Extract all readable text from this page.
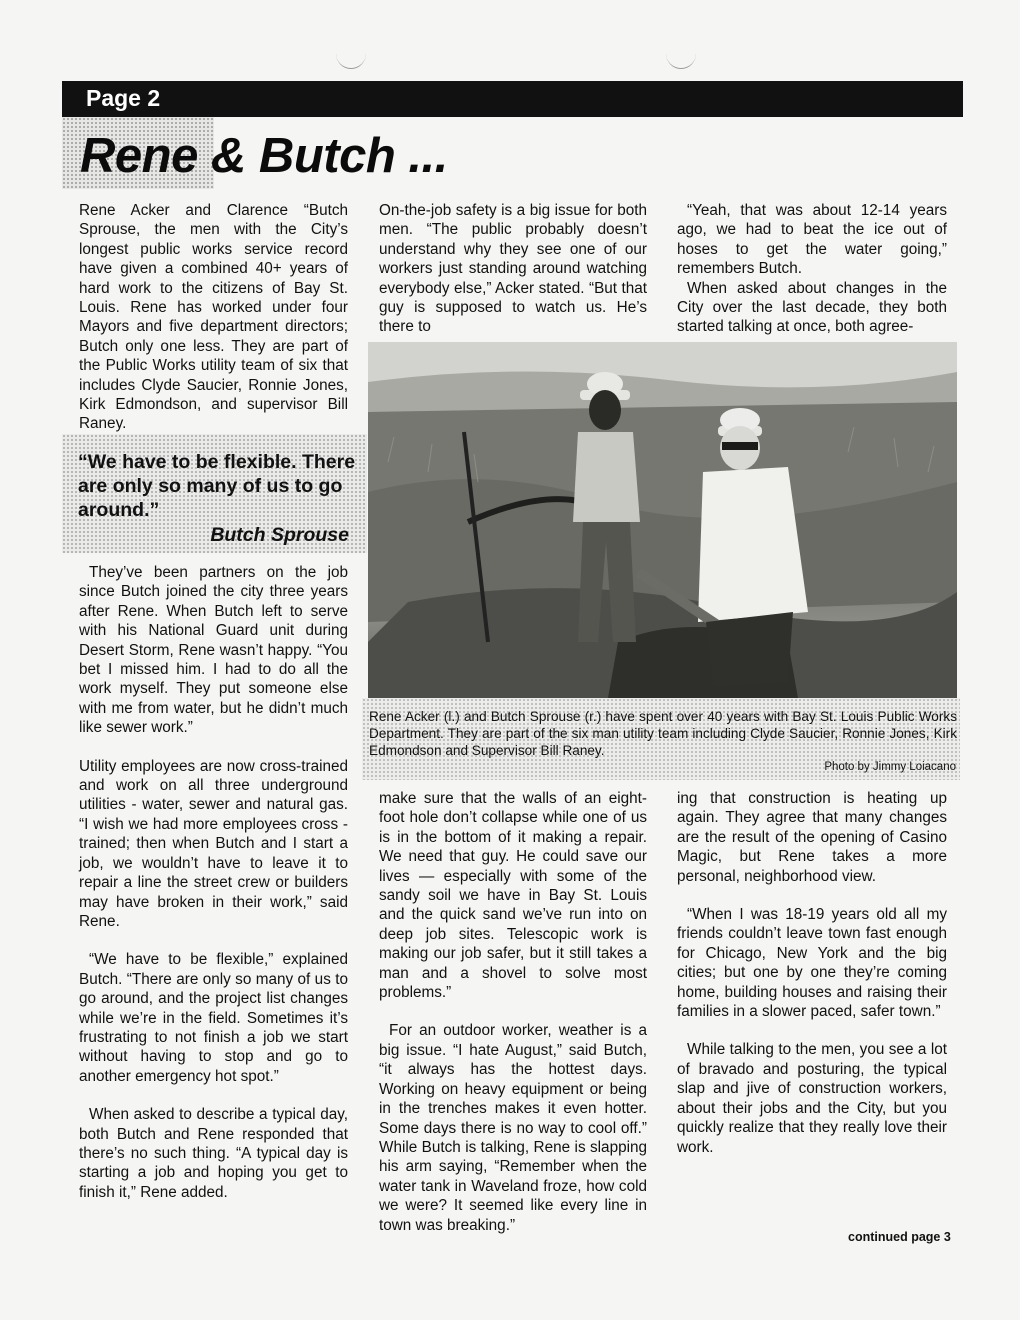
Page 2
Rene & Butch ...

Rene Acker and Clarence “Butch Sprouse, the men with the City’s longest public works service record have given a combined 40+ years of hard work to the citizens of Bay St. Louis. Rene has worked under four Mayors and five department directors; Butch only one less. They are part of the Public Works utility team of six that includes Clyde Saucier, Ronnie Jones, Kirk Edmondson, and supervisor Bill Raney.

“We have to be flexible. There are only so many of us to go around.”

Butch Sprouse

They’ve been partners on the job since Butch joined the city three years after Rene. When Butch left to serve with his National Guard unit during Desert Storm, Rene wasn’t happy. “You bet I missed him. I had to do all the work myself. They put someone else with me from water, but he didn’t much like sewer work.”

Utility employees are now cross-trained and work on all three underground utilities - water, sewer and natural gas. “I wish we had more employees cross - trained; then when Butch and I start a job, we wouldn’t have to leave it to repair a line the street crew or builders may have broken in their work,” said Rene.

“We have to be flexible,” explained Butch. “There are only so many of us to go around, and the project list changes while we’re in the field. Sometimes it’s frustrating to not finish a job we start without having to stop and go to another emergency hot spot.”

When asked to describe a typical day, both Butch and Rene responded that there’s no such thing. “A typical day is starting a job and hoping you get to finish it,” Rene added.

On-the-job safety is a big issue for both men. “The public probably doesn’t understand why they see one of our workers just standing around watching everybody else,” Acker stated. “But that guy is supposed to watch us. He’s there to

“Yeah, that was about 12-14 years ago, we had to beat the ice out of hoses to get the water going,” remembers Butch.

When asked about changes in the City over the last decade, they both started talking at once, both agree-

Rene Acker (l.) and Butch Sprouse (r.) have spent over 40 years with Bay St. Louis Public Works Department. They are part of the six man utility team including Clyde Saucier, Ronnie Jones, Kirk Edmondson and Supervisor Bill Raney.

Photo by Jimmy Loiacano

make sure that the walls of an eight-foot hole don’t collapse while one of us is in the bottom of it making a repair. We need that guy. He could save our lives — especially with some of the sandy soil we have in Bay St. Louis and the quick sand we’ve run into on deep job sites. Telescopic work is making our job safer, but it still takes a man and a shovel to solve most problems.”

For an outdoor worker, weather is a big issue. “I hate August,” said Butch, “it always has the hottest days. Working on heavy equipment or being in the trenches makes it even hotter. Some days there is no way to cool off.” While Butch is talking, Rene is slapping his arm saying, “Remember when the water tank in Waveland froze, how cold we were? It seemed like every line in town was breaking.”

ing that construction is heating up again. They agree that many changes are the result of the opening of Casino Magic, but Rene takes a more personal, neighborhood view.

“When I was 18-19 years old all my friends couldn’t leave town fast enough for Chicago, New York and the big cities; but one by one they’re coming home, building houses and raising their families in a slower paced, safer town.”

While talking to the men, you see a lot of bravado and posturing, the typical slap and jive of construction workers, about their jobs and the City, but you quickly realize that they really love their work.

continued page 3
